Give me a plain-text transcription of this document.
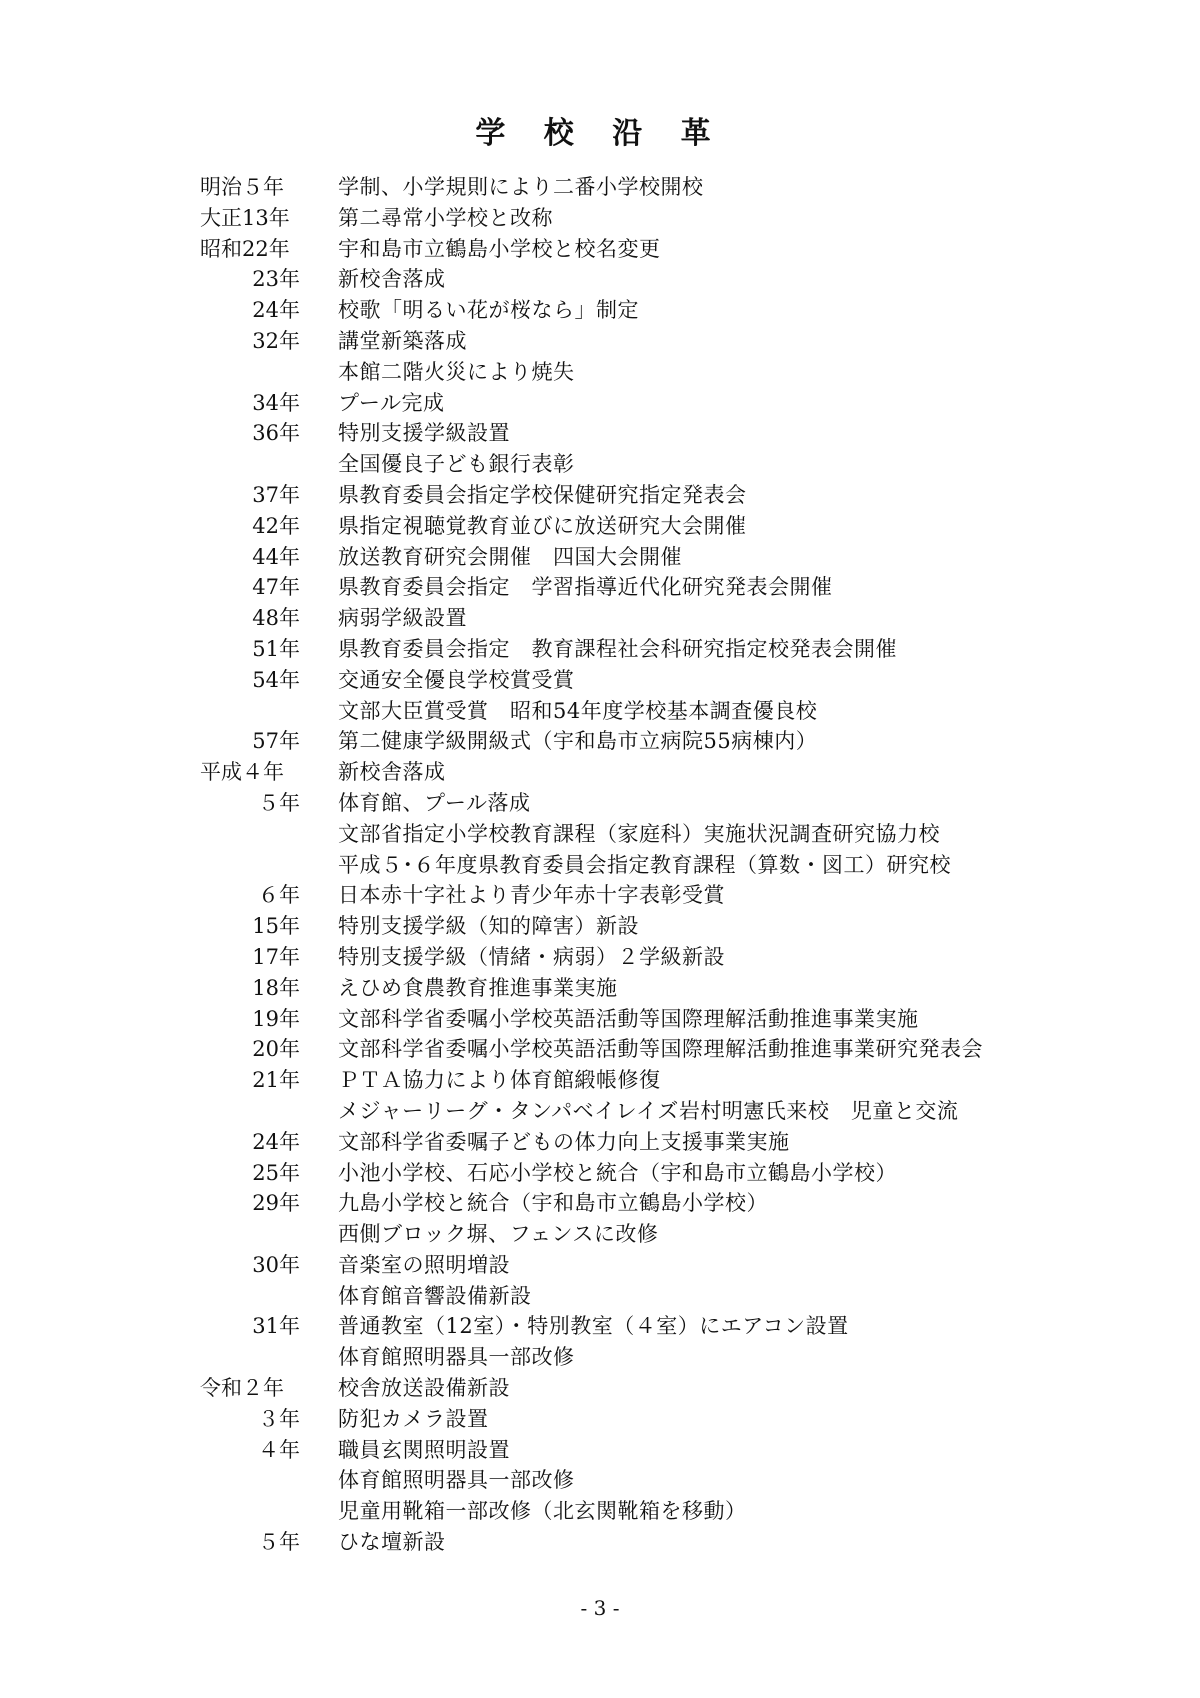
学 校 沿 革
明治５年	学制、小学規則により二番小学校開校
大正13年	第二尋常小学校と改称
昭和22年	宇和島市立鶴島小学校と校名変更
23年	新校舎落成
24年	校歌「明るい花が桜なら」制定
32年	講堂新築落成
本館二階火災により焼失
34年	プール完成
36年	特別支援学級設置
全国優良子ども銀行表彰
37年	県教育委員会指定学校保健研究指定発表会
42年	県指定視聴覚教育並びに放送研究大会開催
44年	放送教育研究会開催　四国大会開催
47年	県教育委員会指定　学習指導近代化研究発表会開催
48年	病弱学級設置
51年	県教育委員会指定　教育課程社会科研究指定校発表会開催
54年	交通安全優良学校賞受賞
文部大臣賞受賞　昭和54年度学校基本調査優良校
57年	第二健康学級開級式（宇和島市立病院55病棟内）
平成４年	新校舎落成
５年	体育館、プール落成
文部省指定小学校教育課程（家庭科）実施状況調査研究協力校
平成５･６年度県教育委員会指定教育課程（算数・図工）研究校
６年	日本赤十字社より青少年赤十字表彰受賞
15年	特別支援学級（知的障害）新設
17年	特別支援学級（情緒・病弱）２学級新設
18年	えひめ食農教育推進事業実施
19年	文部科学省委嘱小学校英語活動等国際理解活動推進事業実施
20年	文部科学省委嘱小学校英語活動等国際理解活動推進事業研究発表会
21年	ＰＴＡ協力により体育館緞帳修復
メジャーリーグ・タンパベイレイズ岩村明憲氏来校　児童と交流
24年	文部科学省委嘱子どもの体力向上支援事業実施
25年	小池小学校、石応小学校と統合（宇和島市立鶴島小学校）
29年	九島小学校と統合（宇和島市立鶴島小学校）
西側ブロック塀、フェンスに改修
30年	音楽室の照明増設
体育館音響設備新設
31年	普通教室（12室）・特別教室（４室）にエアコン設置
体育館照明器具一部改修
令和２年	校舎放送設備新設
３年	防犯カメラ設置
４年	職員玄関照明設置
体育館照明器具一部改修
児童用靴箱一部改修（北玄関靴箱を移動）
５年	ひな壇新設
- 3 -
